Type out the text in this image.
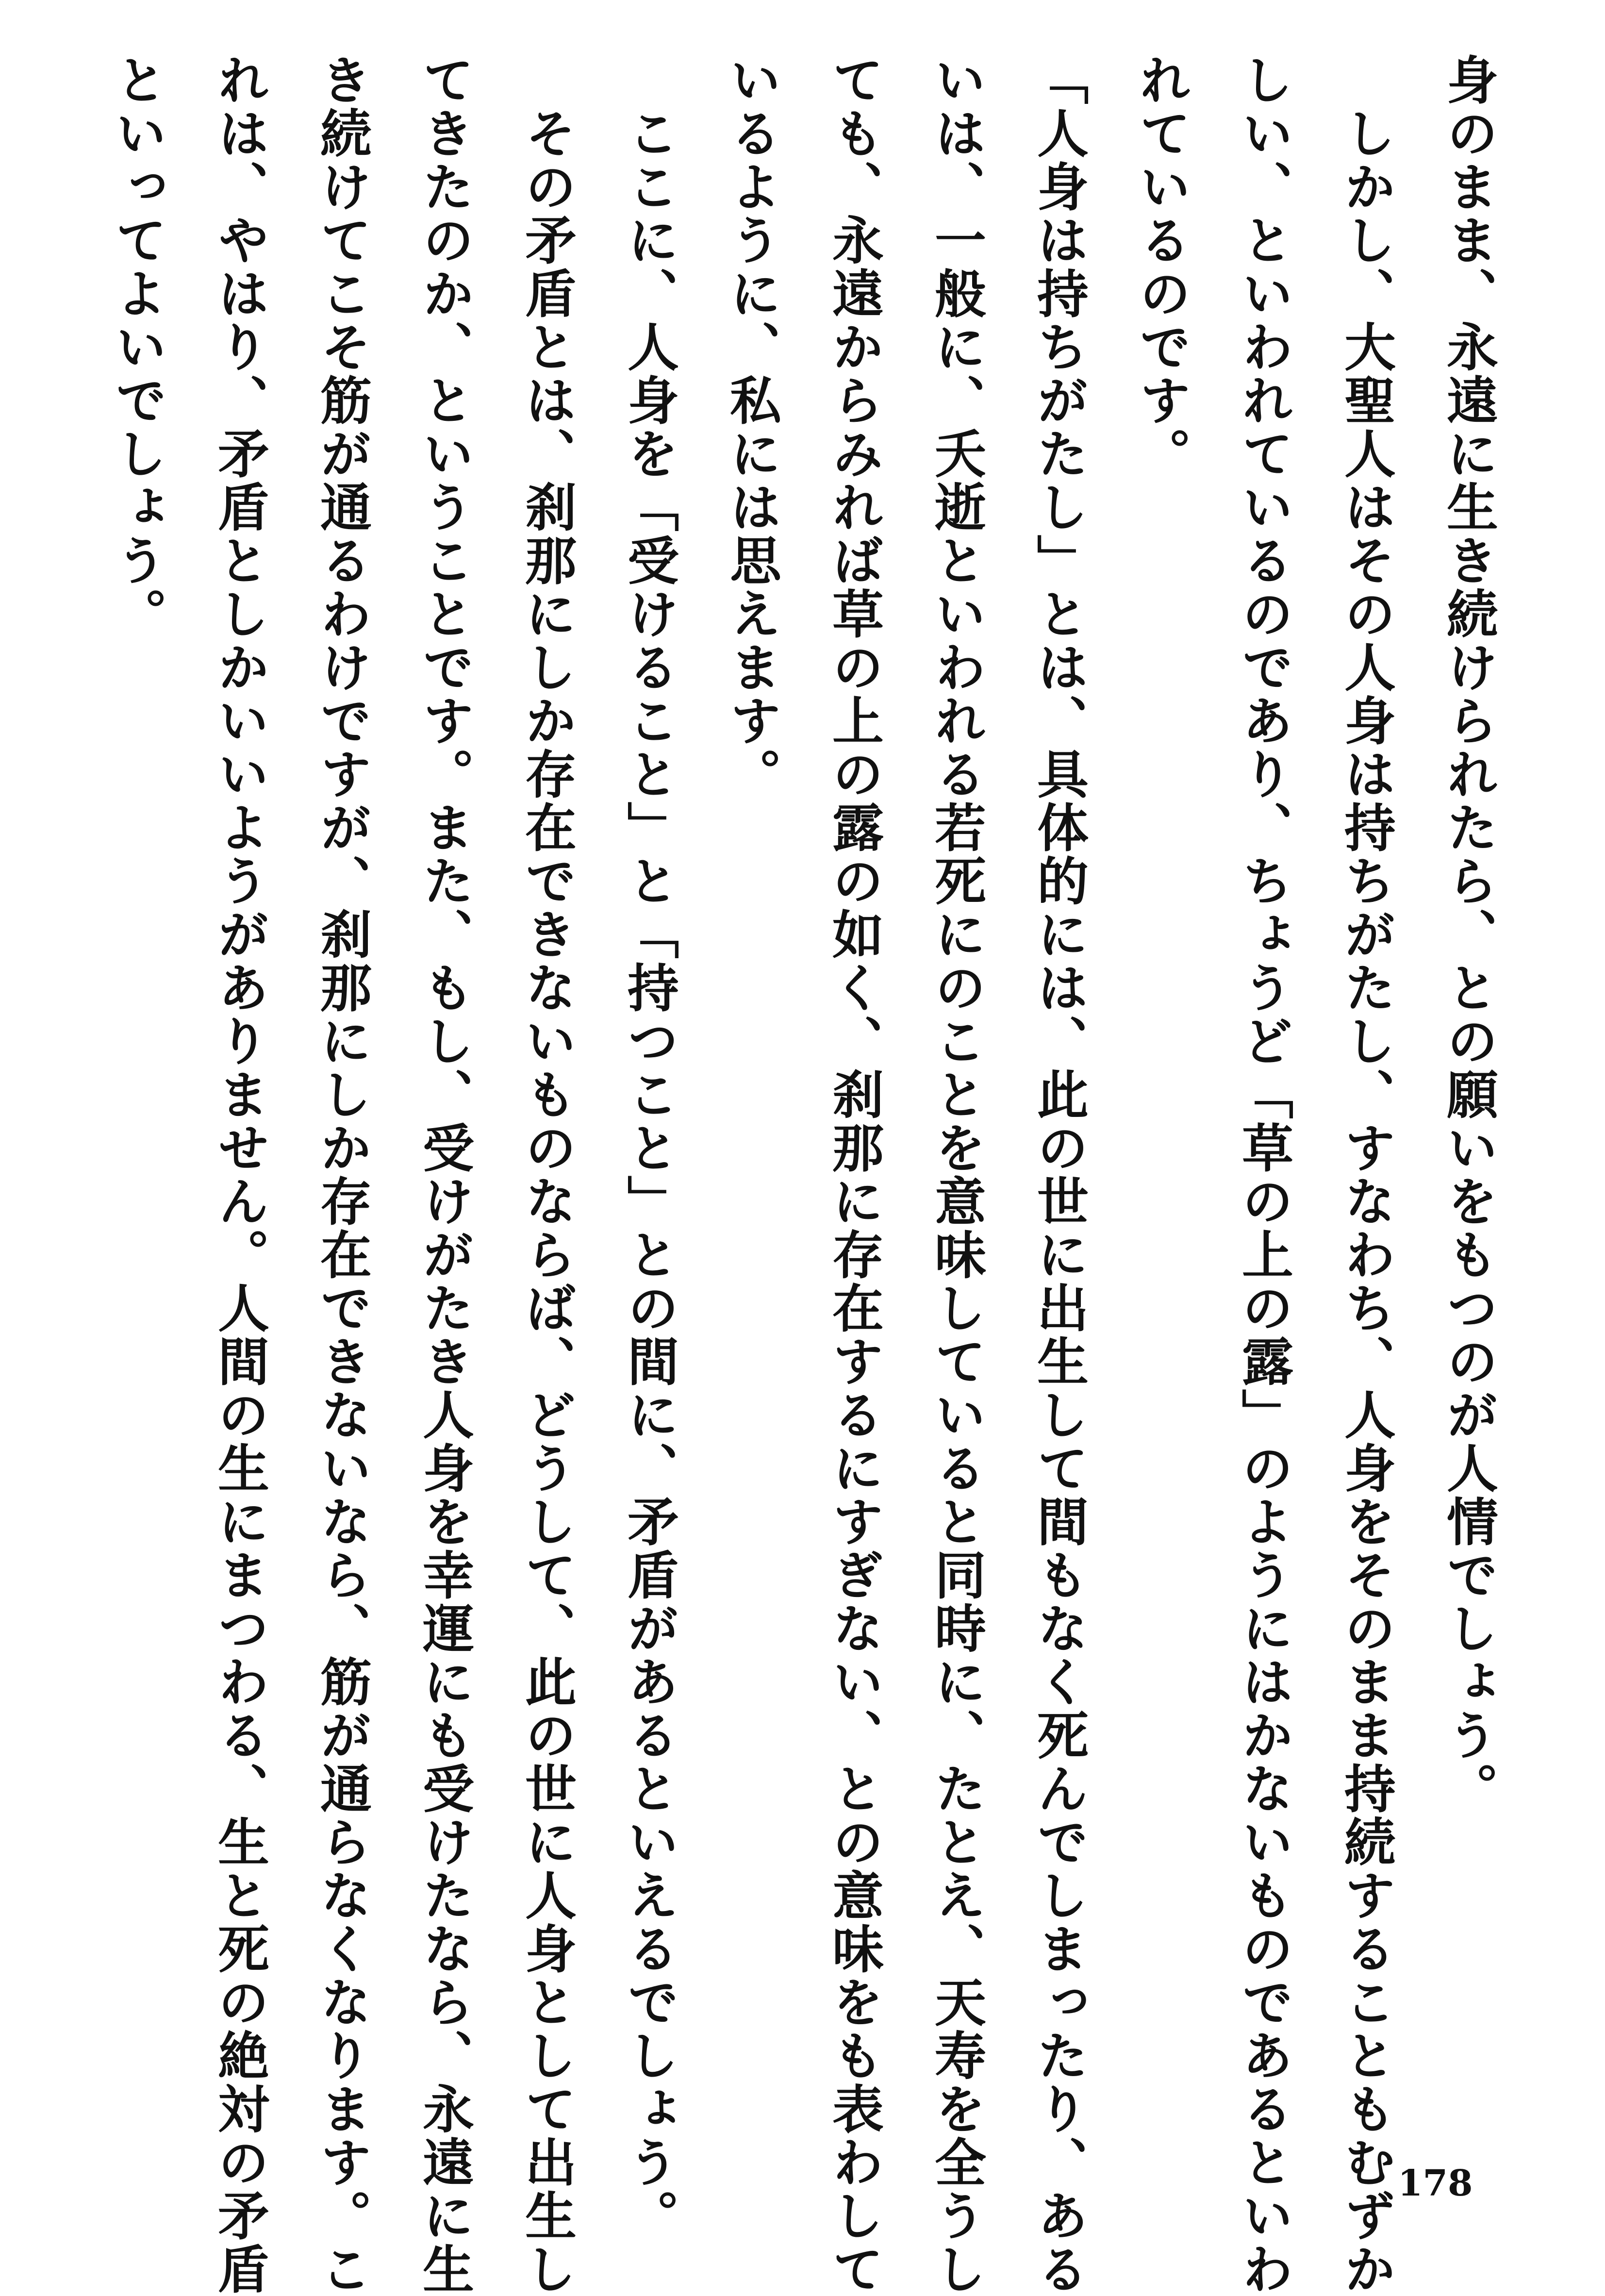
身のまま、永遠に生き続けられたら、との願いをもつのが人情でしょう。
　しかし、大聖人はその人身は持ちがたし、すなわち、人身をそのまま持続することもむずか
しい、といわれているのであり、ちょうど「草の上の露」のようにはかないものであるといわ
れているのです。
「人身は持ちがたし」とは、具体的には、此の世に出生して間もなく死んでしまったり、ある
いは、一般に、夭逝といわれる若死にのことを意味していると同時に、たとえ、天寿を全うし
ても、永遠からみれば草の上の露の如く、刹那に存在するにすぎない、との意味をも表わして
いるように、私には思えます。
　ここに、人身を「受けること」と「持つこと」との間に、矛盾があるといえるでしょう。
　その矛盾とは、刹那にしか存在できないものならば、どうして、此の世に人身として出生し
てきたのか、ということです。また、もし、受けがたき人身を幸運にも受けたなら、永遠に生
き続けてこそ筋が通るわけですが、刹那にしか存在できないなら、筋が通らなくなります。こ
れは、やはり、矛盾としかいいようがありません。人間の生にまつわる、生と死の絶対の矛盾
といってよいでしょう。
178
